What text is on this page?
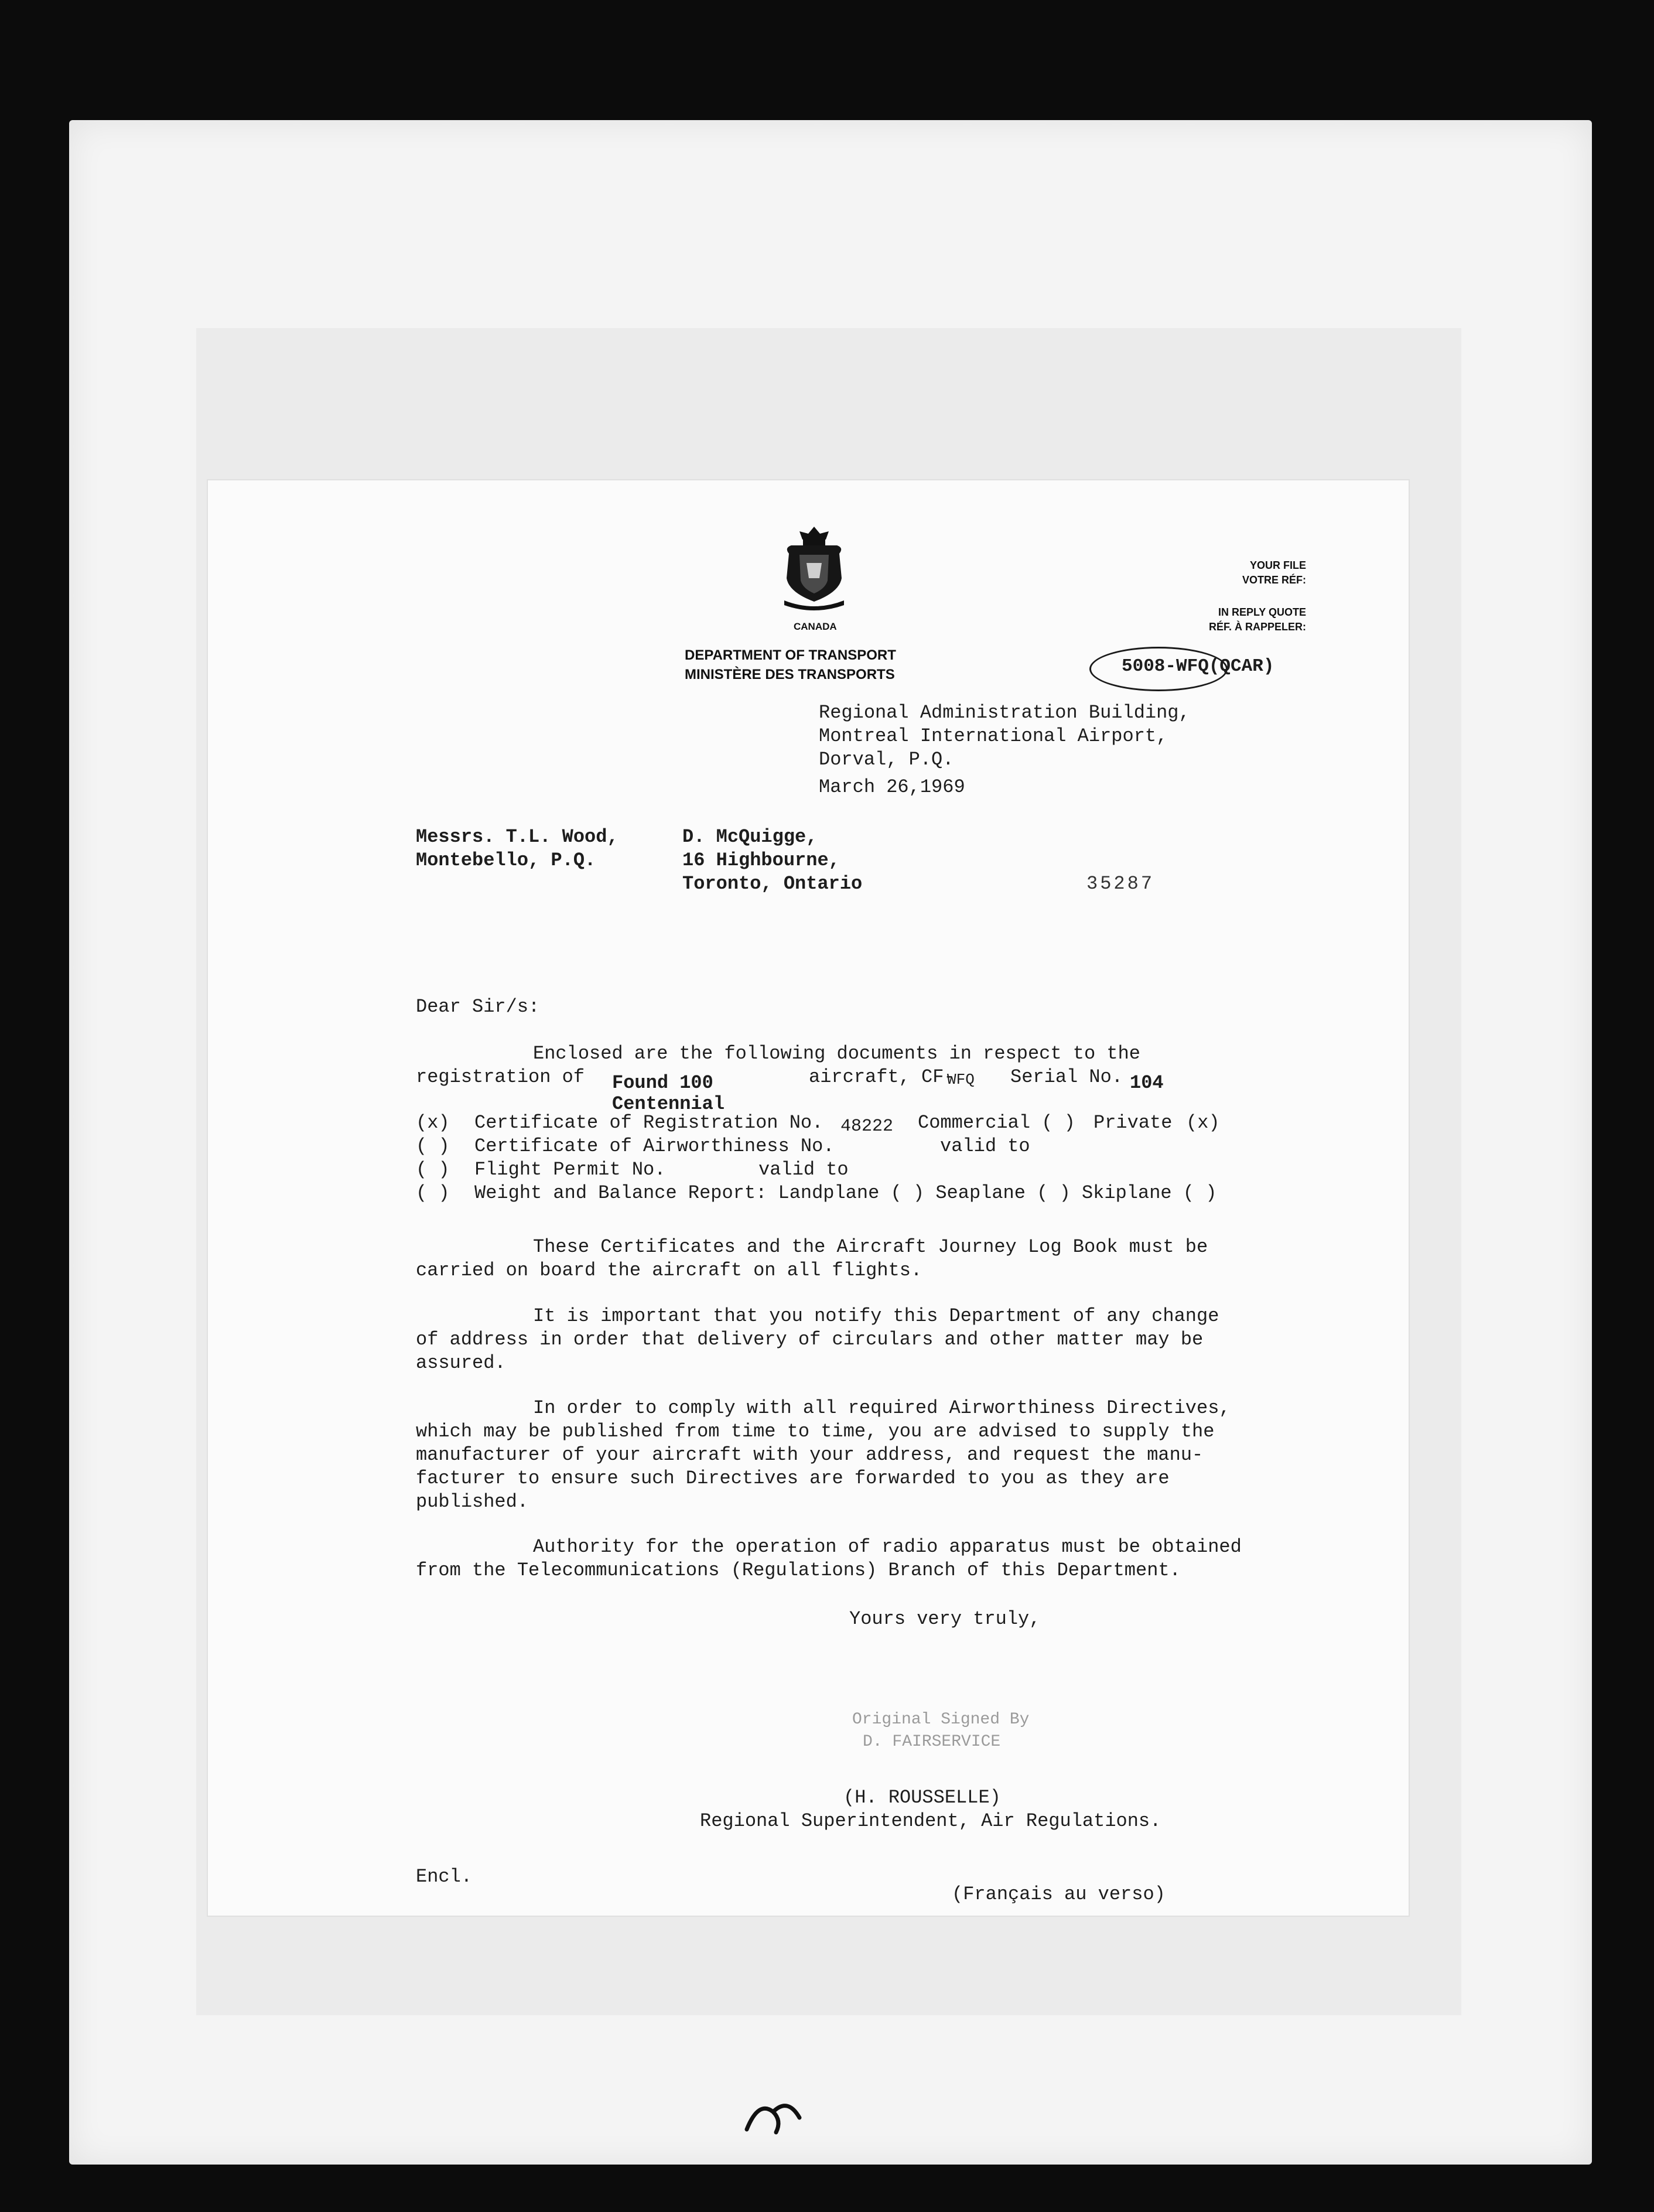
CANADA
DEPARTMENT OF TRANSPORT
MINISTÈRE DES TRANSPORTS
YOUR FILE
VOTRE RÉF:
IN REPLY QUOTE
RÉF. À RAPPELER:
5008-WFQ(QCAR)
Regional Administration Building,
Montreal International Airport,
Dorval, P.Q.
March 26,1969
Messrs. T.L. Wood,
Montebello, P.Q.
D. McQuigge,
16 Highbourne,
Toronto, Ontario	35287
Dear Sir/s:
Enclosed are the following documents in respect to the
registration of Found 100
Centennial
aircraft, CF-
WFQ Serial No. 104
(x) Certificate of Registration No. 48222 Commercial ( ) Private (x)
( ) Certificate of Airworthiness No.	valid to
( ) Flight Permit No.	valid to
( ) Weight and Balance Report: Landplane ( ) Seaplane ( ) Skiplane ( )
These Certificates and the Aircraft Journey Log Book must be
carried on board the aircraft on all flights.
It is important that you notify this Department of any change
of address in order that delivery of circulars and other matter may be
assured.
In order to comply with all required Airworthiness Directives,
which may be published from time to time, you are advised to supply the
manufacturer of your aircraft with your address, and request the manu-
facturer to ensure such Directives are forwarded to you as they are
published.
Authority for the operation of radio apparatus must be obtained
from the Telecommunications (Regulations) Branch of this Department.
Yours very truly,
Original Signed By
D. FAIRSERVICE
(H. ROUSSELLE)
Regional Superintendent, Air Regulations.
Encl.
(Français au verso)
